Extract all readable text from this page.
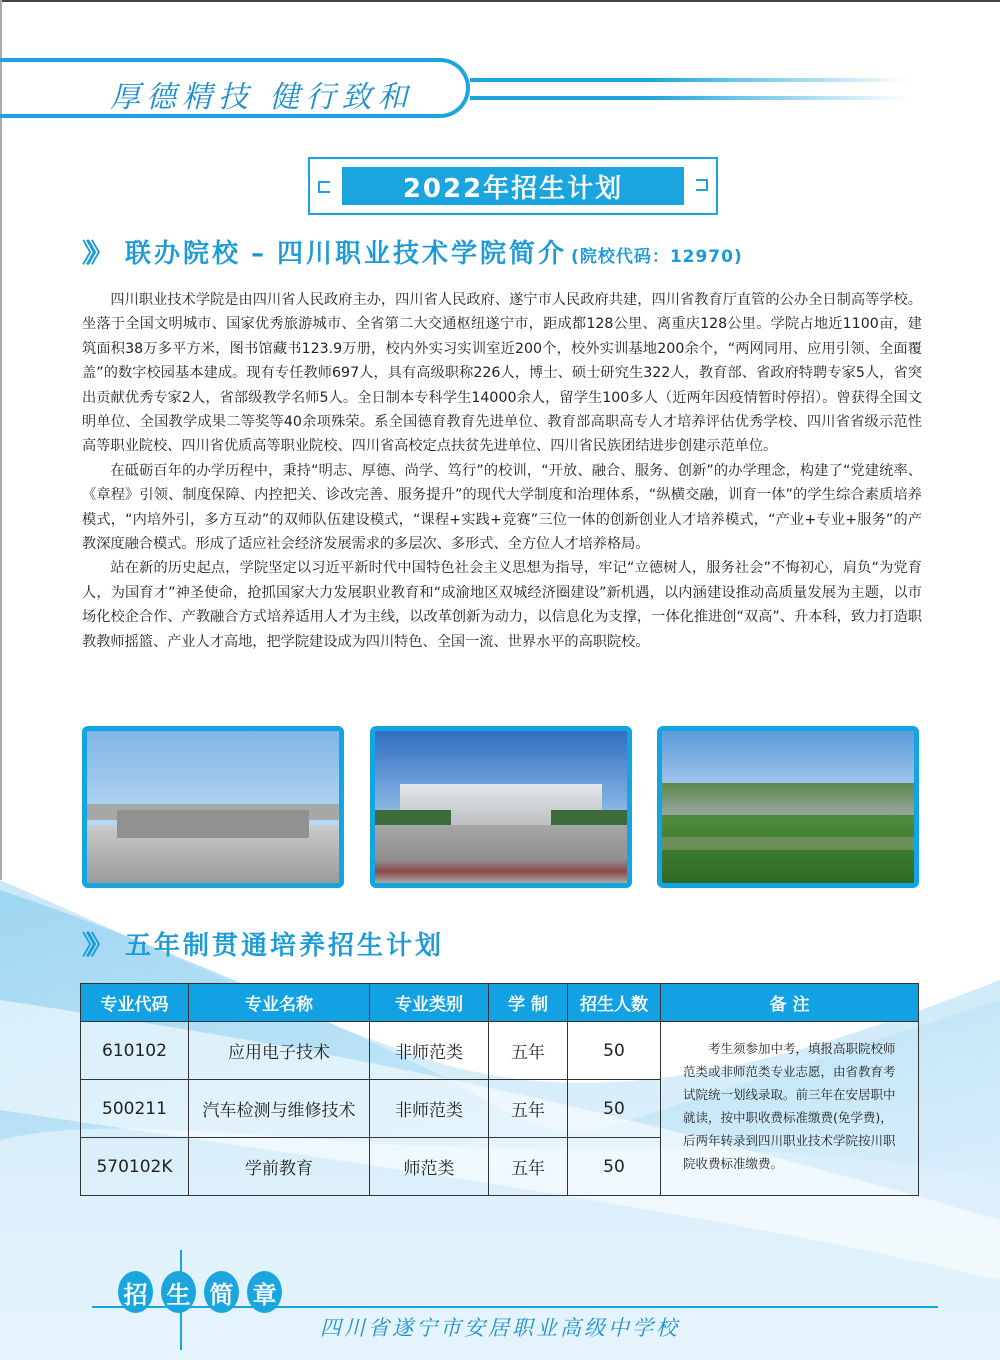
厚德精技 健行致和
2022年招生计划
》》 联办院校 – 四川职业技术学院简介 (院校代码：12970)

四川职业技术学院是由四川省人民政府主办，四川省人民政府、遂宁市人民政府共建，四川省教育厅直管的公办全日制高等学校。坐落于全国文明城市、国家优秀旅游城市、全省第二大交通枢纽遂宁市，距成都128公里、离重庆128公里。学院占地近1100亩，建筑面积38万多平方米，图书馆藏书123.9万册，校内外实习实训室近200个，校外实训基地200余个，“两网同用、应用引领、全面覆盖”的数字校园基本建成。现有专任教师697人，具有高级职称226人，博士、硕士研究生322人，教育部、省政府特聘专家5人，省突出贡献优秀专家2人，省部级教学名师5人。全日制本专科学生14000余人，留学生100多人（近两年因疫情暂时停招）。曾获得全国文明单位、全国教学成果二等奖等40余项殊荣。系全国德育教育先进单位、教育部高职高专人才培养评估优秀学校、四川省省级示范性高等职业院校、四川省优质高等职业院校、四川省高校定点扶贫先进单位、四川省民族团结进步创建示范单位。

在砥砺百年的办学历程中，秉持“明志、厚德、尚学、笃行”的校训，“开放、融合、服务、创新”的办学理念，构建了“党建统率、《章程》引领、制度保障、内控把关、诊改完善、服务提升”的现代大学制度和治理体系，“纵横交融，训育一体”的学生综合素质培养模式，“内培外引，多方互动”的双师队伍建设模式，“课程+实践+竞赛”三位一体的创新创业人才培养模式，“产业+专业+服务”的产教深度融合模式。形成了适应社会经济发展需求的多层次、多形式、全方位人才培养格局。

站在新的历史起点，学院坚定以习近平新时代中国特色社会主义思想为指导，牢记“立德树人，服务社会”不悔初心，肩负“为党育人，为国育才”神圣使命，抢抓国家大力发展职业教育和“成渝地区双城经济圈建设”新机遇，以内涵建设推动高质量发展为主题，以市场化校企合作、产教融合方式培养适用人才为主线，以改革创新为动力，以信息化为支撑，一体化推进创“双高”、升本科，致力打造职教教师摇篮、产业人才高地，把学院建设成为四川特色、全国一流、世界水平的高职院校。

》》 五年制贯通培养招生计划
专业代码	专业名称	专业类别	学 制	招生人数	备 注
610102	应用电子技术	非师范类	五年	50	考生须参加中考，填报高职院校师范类或非师范类专业志愿，由省教育考试院统一划线录取。前三年在安居职中就读，按中职收费标准缴费(免学费)，后两年转录到四川职业技术学院按川职院收费标准缴费。

500211	汽车检测与维修技术	非师范类	五年	50	
570102K	学前教育	师范类	五年	50	
招 生 简 章
四川省遂宁市安居职业高级中学校
